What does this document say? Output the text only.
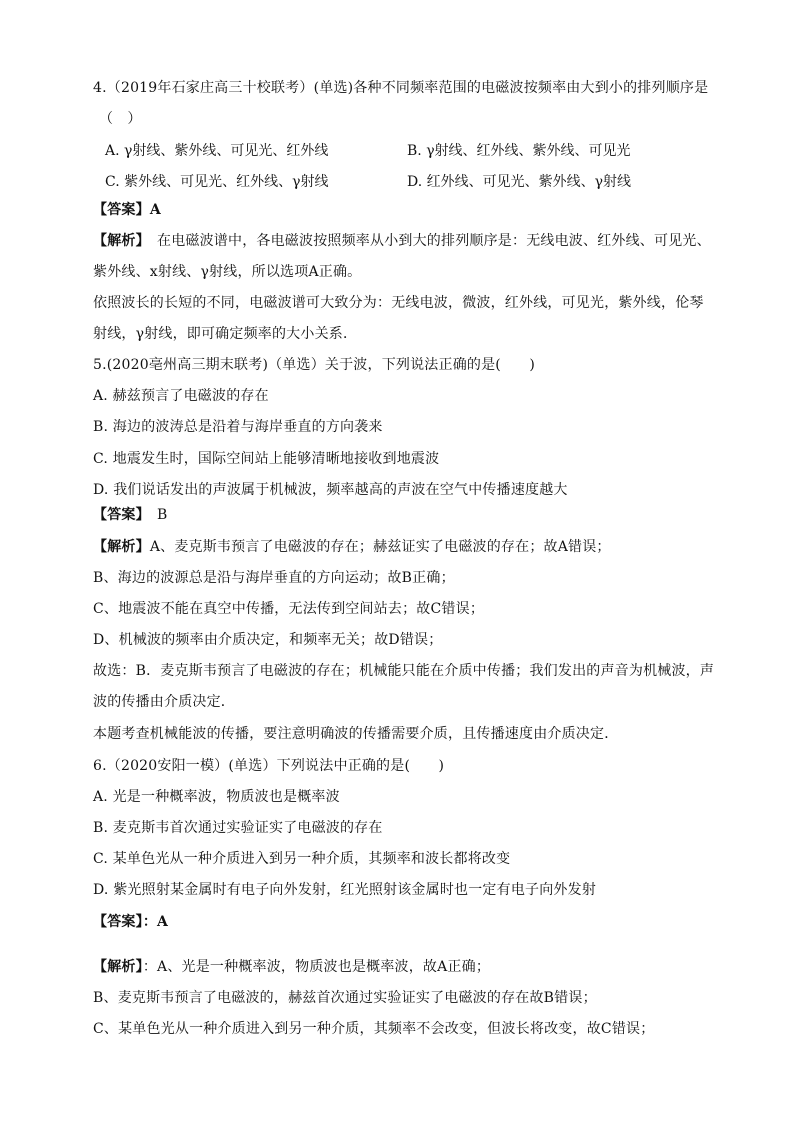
4.（2019年石家庄高三十校联考）(单选)各种不同频率范围的电磁波按频率由大到小的排列顺序是
（　）
A. γ射线、紫外线、可见光、红外线	B. γ射线、红外线、紫外线、可见光
C. 紫外线、可见光、红外线、γ射线	D. 红外线、可见光、紫外线、γ射线
【答案】A
【解析】　在电磁波谱中，各电磁波按照频率从小到大的排列顺序是：无线电波、红外线、可见光、
紫外线、x射线、γ射线，所以选项A正确。
依照波长的长短的不同，电磁波谱可大致分为：无线电波，微波，红外线，可见光，紫外线，伦琴
射线，γ射线，即可确定频率的大小关系．
5.(2020亳州高三期末联考)（单选）关于波，下列说法正确的是(　　)
A. 赫兹预言了电磁波的存在
B. 海边的波涛总是沿着与海岸垂直的方向袭来
C. 地震发生时，国际空间站上能够清晰地接收到地震波
D. 我们说话发出的声波属于机械波，频率越高的声波在空气中传播速度越大
【答案】　B
【解析】A、麦克斯韦预言了电磁波的存在；赫兹证实了电磁波的存在；故A错误；
B、海边的波源总是沿与海岸垂直的方向运动；故B正确；
C、地震波不能在真空中传播，无法传到空间站去；故C错误；
D、机械波的频率由介质决定，和频率无关；故D错误；
故选：B．麦克斯韦预言了电磁波的存在；机械能只能在介质中传播；我们发出的声音为机械波，声
波的传播由介质决定．
本题考查机械能波的传播，要注意明确波的传播需要介质，且传播速度由介质决定．
6.（2020安阳一模）(单选）下列说法中正确的是(　　)
A. 光是一种概率波，物质波也是概率波
B. 麦克斯韦首次通过实验证实了电磁波的存在
C. 某单色光从一种介质进入到另一种介质，其频率和波长都将改变
D. 紫光照射某金属时有电子向外发射，红光照射该金属时也一定有电子向外发射
【答案】：A
【解析】：A、光是一种概率波，物质波也是概率波，故A正确；
B、麦克斯韦预言了电磁波的，赫兹首次通过实验证实了电磁波的存在故B错误；
C、某单色光从一种介质进入到另一种介质，其频率不会改变，但波长将改变，故C错误；
